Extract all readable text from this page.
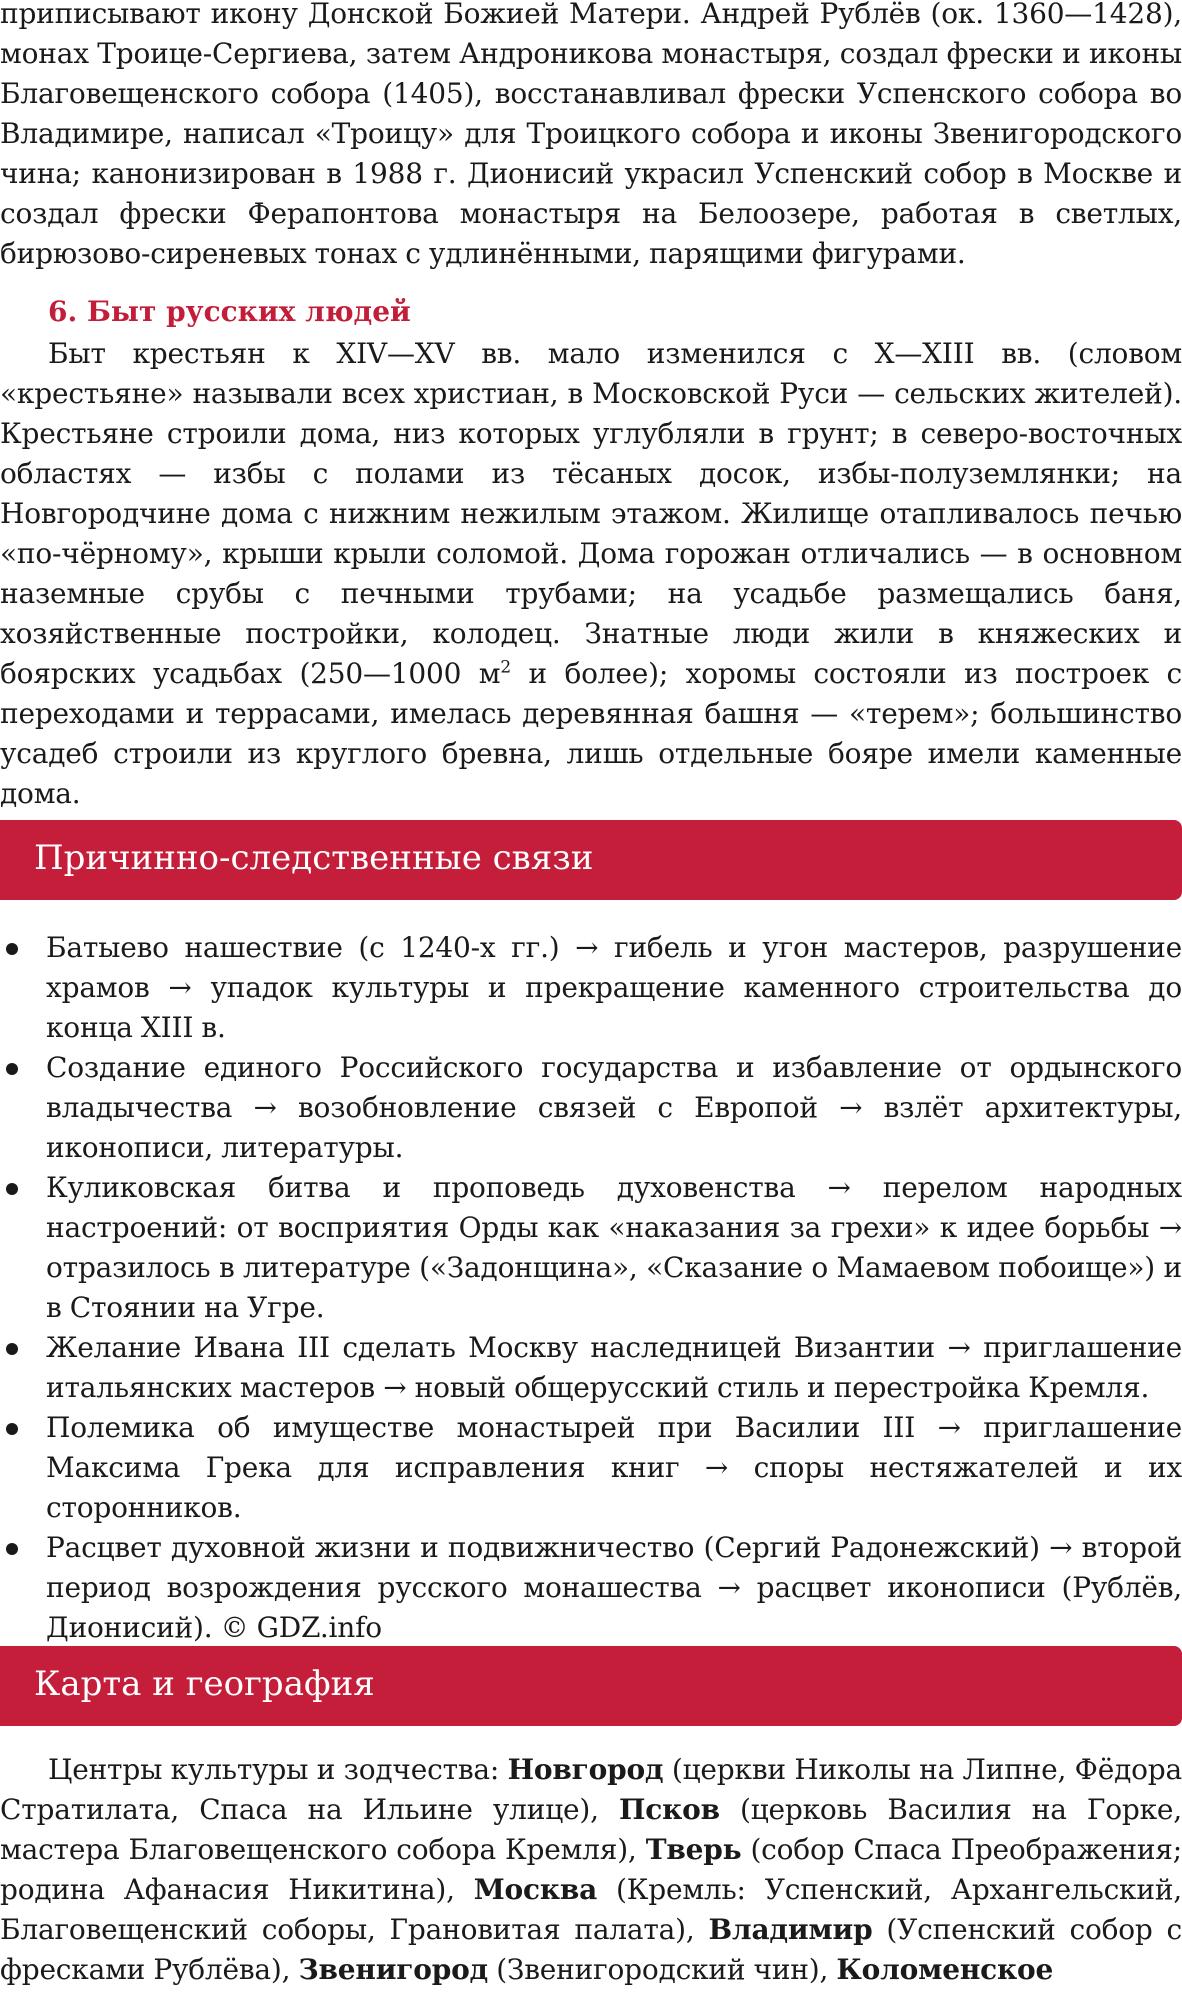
приписывают икону Донской Божией Матери. Андрей Рублёв (ок. 1360—1428), монах Троице-Сергиева, затем Андроникова монастыря, создал фрески и иконы Благовещенского собора (1405), восстанавливал фрески Успенского собора во Владимире, написал «Троицу» для Троицкого собора и иконы Звенигородского чина; канонизирован в 1988 г. Дионисий украсил Успенский собор в Москве и создал фрески Ферапонтова монастыря на Белоозере, работая в светлых, бирюзово-сиреневых тонах с удлинёнными, парящими фигурами.

6. Быт русских людей

Быт крестьян к XIV—XV вв. мало изменился с X—XIII вв. (словом «крестьяне» называли всех христиан, в Московской Руси — сельских жителей). Крестьяне строили дома, низ которых углубляли в грунт; в северо-восточных областях — избы с полами из тёсаных досок, избы-полуземлянки; на Новгородчине дома с нижним нежилым этажом. Жилище отапливалось печью «по-чёрному», крыши крыли соломой. Дома горожан отличались — в основном наземные срубы с печными трубами; на усадьбе размещались баня, хозяйственные постройки, колодец. Знатные люди жили в княжеских и боярских усадьбах (250—1000 $м^2$ и более); хоромы состояли из построек с переходами и террасами, имелась деревянная башня — «терем»; большинство усадеб строили из круглого бревна, лишь отдельные бояре имели каменные дома.

Причинно-следственные связи
Батыево нашествие (с 1240-х гг.) → гибель и угон мастеров, разрушение храмов → упадок культуры и прекращение каменного строительства до конца XIII в.
Создание единого Российского государства и избавление от ордынского владычества → возобновление связей с Европой → взлёт архитектуры, иконописи, литературы.
Куликовская битва и проповедь духовенства → перелом народных настроений: от восприятия Орды как «наказания за грехи» к идее борьбы → отразилось в литературе («Задонщина», «Сказание о Мамаевом побоище») и в Стоянии на Угре.
Желание Ивана III сделать Москву наследницей Византии → приглашение итальянских мастеров → новый общерусский стиль и перестройка Кремля.
Полемика об имуществе монастырей при Василии III → приглашение Максима Грека для исправления книг → споры нестяжателей и их сторонников.
Расцвет духовной жизни и подвижничество (Сергий Радонежский) → второй период возрождения русского монашества → расцвет иконописи (Рублёв, Дионисий). © GDZ.info
Карта и география

Центры культуры и зодчества: Новгород (церкви Николы на Липне, Фёдора Стратилата, Спаса на Ильине улице), Псков (церковь Василия на Горке, мастера Благовещенского собора Кремля), Тверь (собор Спаса Преображения; родина Афанасия Никитина), Москва (Кремль: Успенский, Архангельский, Благовещенский соборы, Грановитая палата), Владимир (Успенский собор с фресками Рублёва), Звенигород (Звенигородский чин), Коломенское
